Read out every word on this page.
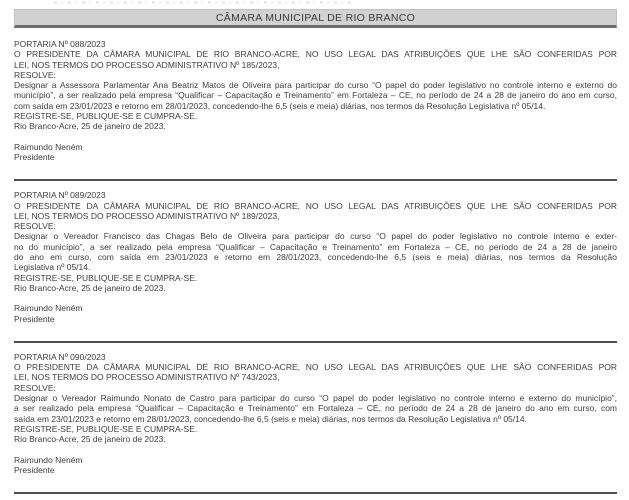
CÂMARA MUNICIPAL DE RIO BRANCO
PORTARIA Nº 088/2023
O PRESIDENTE DA CÂMARA MUNICIPAL DE RIO BRANCO-ACRE, NO USO LEGAL DAS ATRIBUIÇÕES QUE LHE SÃO CONFERIDAS POR
LEI, NOS TERMOS DO PROCESSO ADMINISTRATIVO Nº 185/2023,
RESOLVE:
Designar a Assessora Parlamentar Ana Beatriz Matos de Oliveira para participar do curso “O papel do poder legislativo no controle interno e externo do
município”, a ser realizado pela empresa “Qualificar – Capacitação e Treinamento” em Fortaleza – CE, no período de 24 a 28 de janeiro do ano em curso,
com saída em 23/01/2023 e retorno em 28/01/2023, concedendo-lhe 6,5 (seis e meia) diárias, nos termos da Resolução Legislativa nº 05/14.
REGISTRE-SE, PUBLIQUE-SE E CUMPRA-SE.
Rio Branco-Acre, 25 de janeiro de 2023.
Raimundo Neném
Presidente
PORTARIA Nº 089/2023
O PRESIDENTE DA CÂMARA MUNICIPAL DE RIO BRANCO-ACRE, NO USO LEGAL DAS ATRIBUIÇÕES QUE LHE SÃO CONFERIDAS POR
LEI, NOS TERMOS DO PROCESSO ADMINISTRATIVO Nº 189/2023,
RESOLVE:
Designar o Vereador Francisco das Chagas Belo de Oliveira para participar do curso “O papel do poder legislativo no controle interno e exter-
no do município”, a ser realizado pela empresa “Qualificar – Capacitação e Treinamento” em Fortaleza – CE, no período de 24 a 28 de janeiro
do ano em curso, com saída em 23/01/2023 e retorno em 28/01/2023, concedendo-lhe 6,5 (seis e meia) diárias, nos termos da Resolução
Legislativa nº 05/14.
REGISTRE-SE, PUBLIQUE-SE E CUMPRA-SE.
Rio Branco-Acre, 25 de janeiro de 2023.
Raimundo Neném
Presidente
PORTARIA Nº 090/2023
O PRESIDENTE DA CÂMARA MUNICIPAL DE RIO BRANCO-ACRE, NO USO LEGAL DAS ATRIBUIÇÕES QUE LHE SÃO CONFERIDAS POR
LEI, NOS TERMOS DO PROCESSO ADMINISTRATIVO Nº 743/2023,
RESOLVE:
Designar o Vereador Raimundo Nonato de Castro para participar do curso “O papel do poder legislativo no controle interno e externo do município”,
a ser realizado pela empresa “Qualificar – Capacitação e Treinamento” em Fortaleza – CE, no período de 24 a 28 de janeiro do ano em curso, com
saída em 23/01/2023 e retorno em 28/01/2023, concedendo-lhe 6,5 (seis e meia) diárias, nos termos da Resolução Legislativa nº 05/14.
REGISTRE-SE, PUBLIQUE-SE E CUMPRA-SE.
Rio Branco-Acre, 25 de janeiro de 2023.
Raimundo Neném
Presidente
